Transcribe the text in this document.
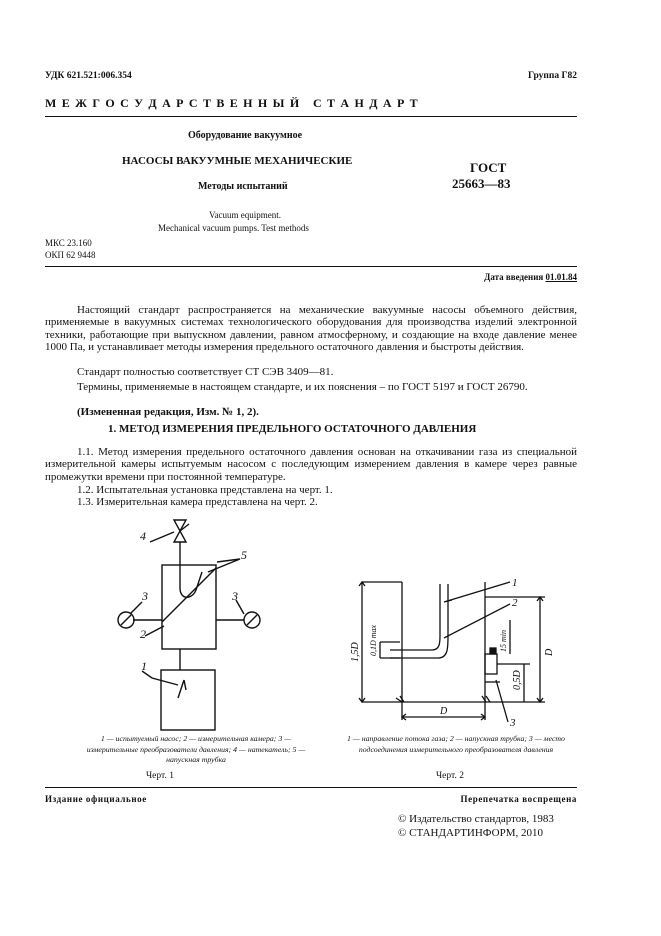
УДК 621.521:006.354	Группа Г82
М Е Ж Г О С У Д А Р С Т В Е Н Н Ы Й   С Т А Н Д А Р Т
Оборудование вакуумное
НАСОСЫ ВАКУУМНЫЕ МЕХАНИЧЕСКИЕ
Методы испытаний
Vacuum equipment.
Mechanical vacuum pumps. Test methods
ГОСТ
25663—83
МКС 23.160
ОКП 62 9448
Дата введения 01.01.84
Настоящий стандарт распространяется на механические вакуумные насосы объемного действия, применяемые в вакуумных системах технологического оборудования для производства изделий электронной техники, работающие при выпускном давлении, равном атмосферному, и создающие на входе давление менее 1000 Па, и устанавливает методы измерения предельного остаточного давления и быстроты действия.
Стандарт полностью соответствует СТ СЭВ 3409—81.
Термины, применяемые в настоящем стандарте, и их пояснения – по ГОСТ 5197 и ГОСТ 26790.
(Измененная редакция, Изм. № 1, 2).
1. МЕТОД ИЗМЕРЕНИЯ ПРЕДЕЛЬНОГО ОСТАТОЧНОГО ДАВЛЕНИЯ
1.1. Метод измерения предельного остаточного давления основан на откачивании газа из специальной измерительной камеры испытуемым насосом с последующим измерением давления в камере через равные промежутки времени при постоянной температуре.
1.2. Испытательная установка представлена на черт. 1.
1.3. Измерительная камера представлена на черт. 2.
4
5
3	3
2
1
1 — испытуемый насос; 2 — измерительная камера; 3 — измерительные преобразователи давления; 4 — натекатель; 5 — напускная трубка
Черт. 1
1
2
3
1,5D 0,1D max	15 min
D
0,5D
D
1 — направление потока газа; 2 — напускная трубка; 3 — место подсоединения измерительного преобразователя давления
Черт. 2
Издание официальное	Перепечатка воспрещена
© Издательство стандартов, 1983
© СТАНДАРТИНФОРМ, 2010
